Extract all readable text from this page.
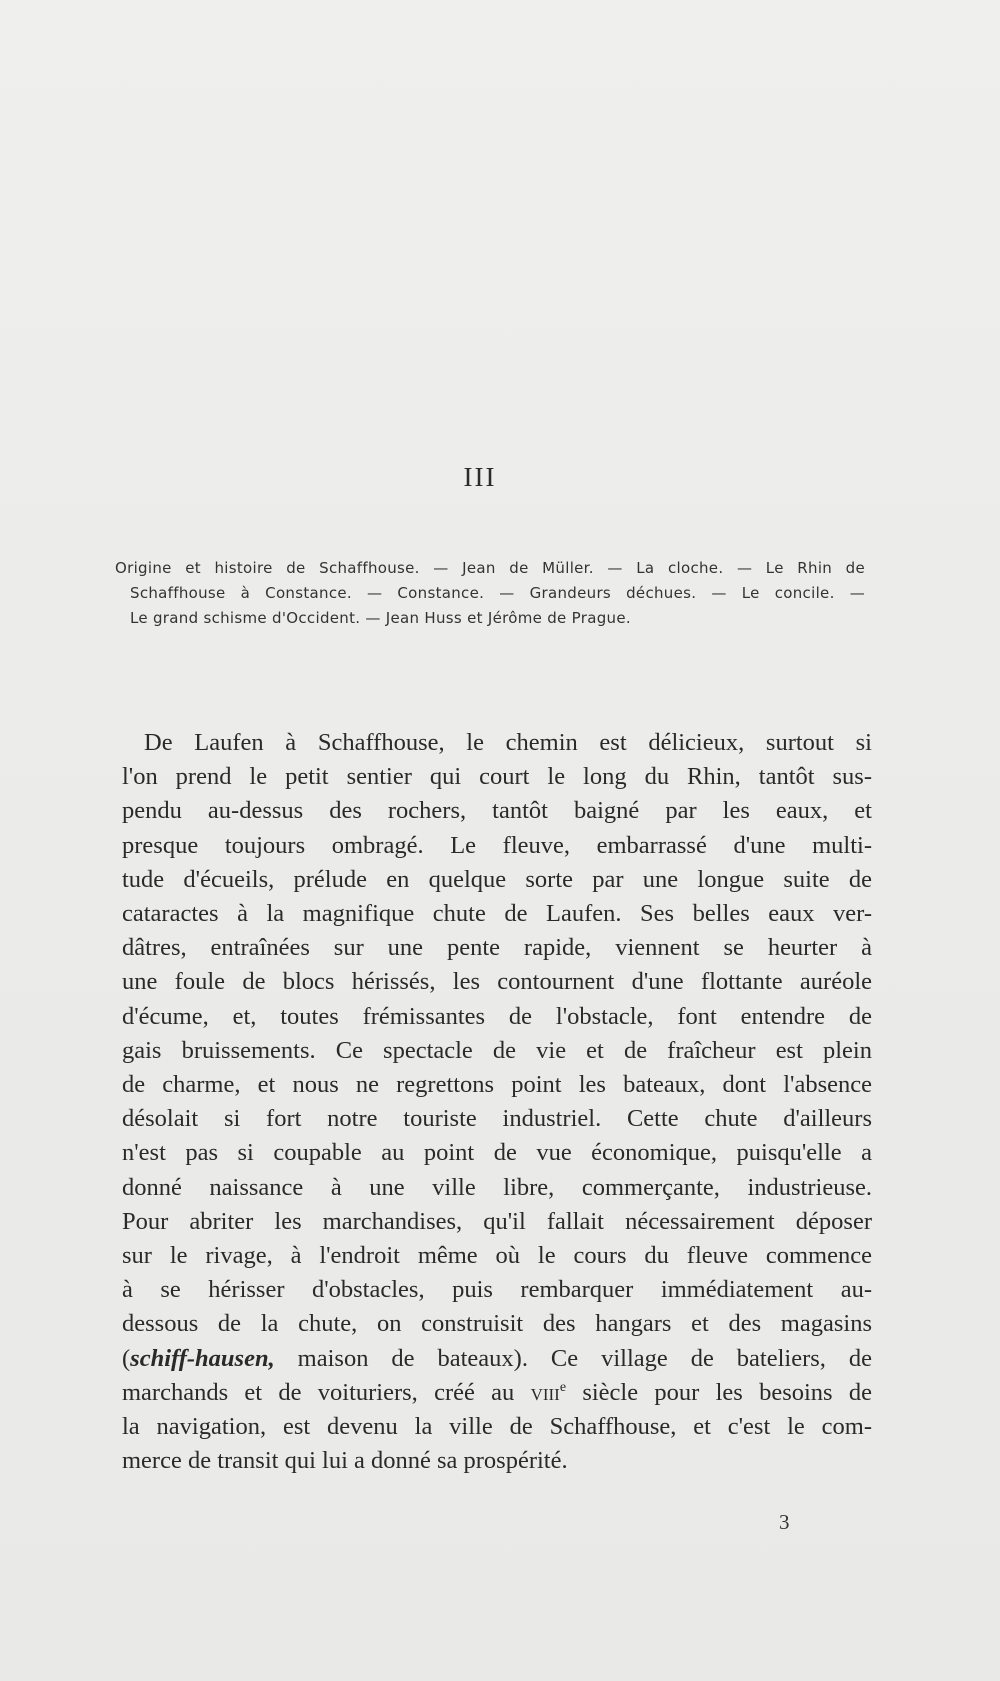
III
Origine et histoire de Schaffhouse. — Jean de Müller. — La cloche. — Le Rhin de
Schaffhouse à Constance. — Constance. — Grandeurs déchues. — Le concile. —
Le grand schisme d'Occident. — Jean Huss et Jérôme de Prague.
De Laufen à Schaffhouse, le chemin est délicieux, surtout si
l'on prend le petit sentier qui court le long du Rhin, tantôt sus-
pendu au-dessus des rochers, tantôt baigné par les eaux, et
presque toujours ombragé. Le fleuve, embarrassé d'une multi-
tude d'écueils, prélude en quelque sorte par une longue suite de
cataractes à la magnifique chute de Laufen. Ses belles eaux ver-
dâtres, entraînées sur une pente rapide, viennent se heurter à
une foule de blocs hérissés, les contournent d'une flottante auréole
d'écume, et, toutes frémissantes de l'obstacle, font entendre de
gais bruissements. Ce spectacle de vie et de fraîcheur est plein
de charme, et nous ne regrettons point les bateaux, dont l'absence
désolait si fort notre touriste industriel. Cette chute d'ailleurs
n'est pas si coupable au point de vue économique, puisqu'elle a
donné naissance à une ville libre, commerçante, industrieuse.
Pour abriter les marchandises, qu'il fallait nécessairement déposer
sur le rivage, à l'endroit même où le cours du fleuve commence
à se hérisser d'obstacles, puis rembarquer immédiatement au-
dessous de la chute, on construisit des hangars et des magasins
(schiff-hausen, maison de bateaux). Ce village de bateliers, de
marchands et de voituriers, créé au viii$^e$ siècle pour les besoins de
la navigation, est devenu la ville de Schaffhouse, et c'est le com-
merce de transit qui lui a donné sa prospérité.
3
